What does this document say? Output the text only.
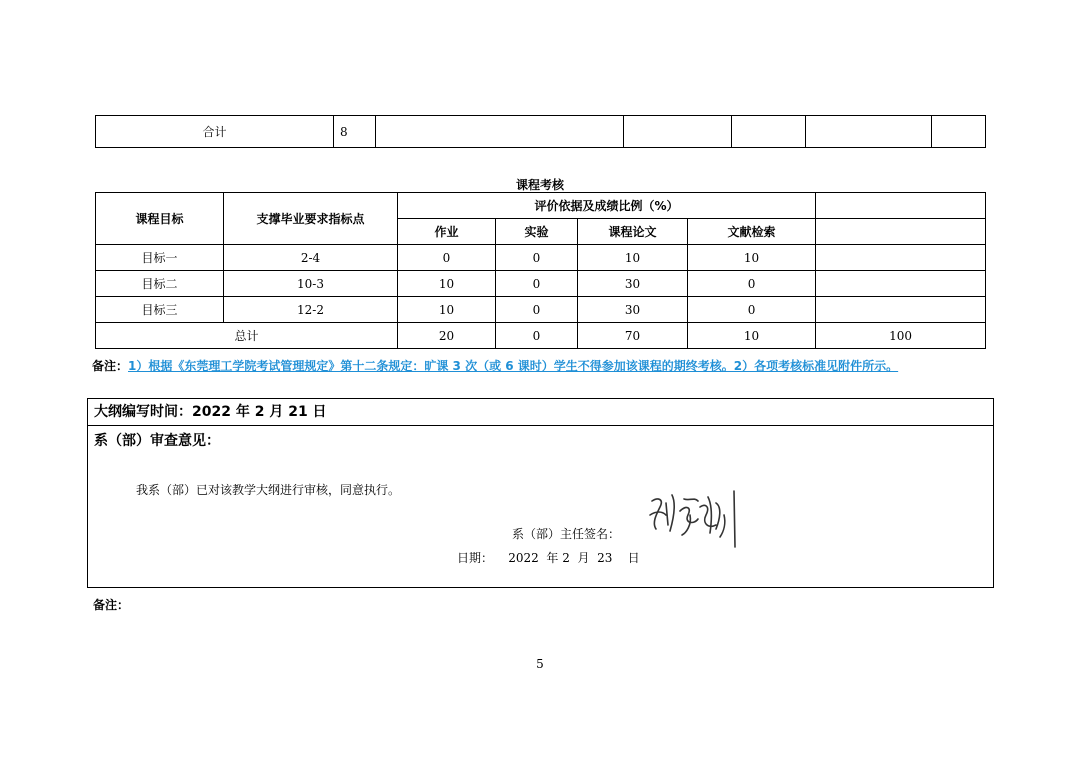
合计	8					
课程考核
课程目标	支撑毕业要求指标点	评价依据及成绩比例（%）				
		作业	实验	课程论文	文献检索	
目标一	2-4	0	0	10	10	
目标二	10-3	10	0	30	0	
目标三	12-2	10	0	30	0	
总计		20	0	70	10	100
备注：1）根据《东莞理工学院考试管理规定》第十二条规定：旷课 3 次（或 6 课时）学生不得参加该课程的期终考核。2）各项考核标准见附件所示。
大纲编写时间：2022 年 2 月 21 日
系（部）审查意见：
我系（部）已对该教学大纲进行审核，同意执行。
系（部）主任签名：
日期：    2022  年 2  月  23    日
备注：
5
